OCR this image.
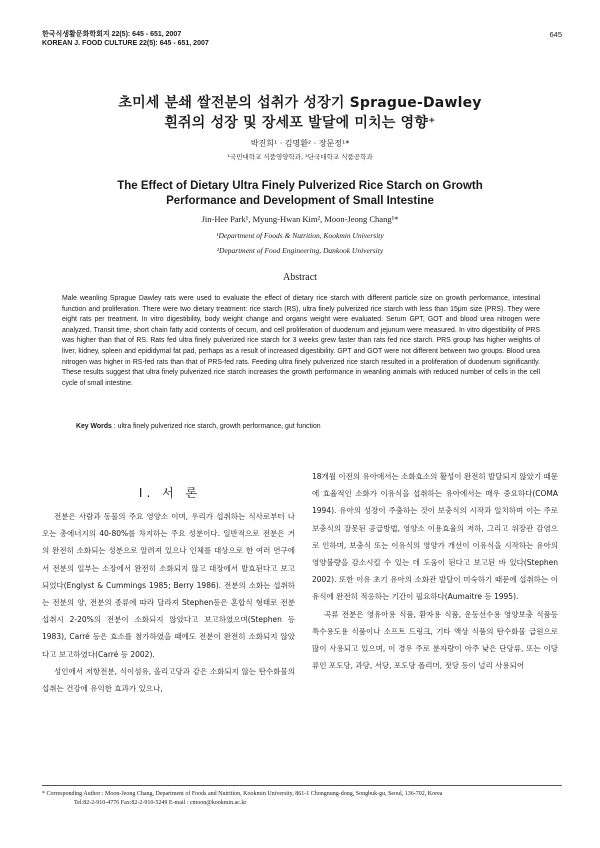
한국식생활문화학회지 22(5): 645 - 651, 2007
KOREAN J. FOOD CULTURE 22(5): 645 - 651, 2007
645
초미세 분쇄 쌀전분의 섭취가 성장기 Sprague-Dawley
흰쥐의 성장 및 장세포 발달에 미치는 영향⁺
박진희¹ · 김명환² · 장문정¹*
¹국민대학교 식품영양학과, ²단국대학교 식품공학과
The Effect of Dietary Ultra Finely Pulverized Rice Starch on Growth
Performance and Development of Small Intestine
Jin-Hee Park¹, Myung-Hwan Kim², Moon-Jeong Chang¹*
¹Department of Foods & Nutrition, Kookmin University
²Department of Food Engineering, Dankook University
Abstract
Male weanling Sprague Dawley rats were used to evaluate the effect of dietary rice starch with different particle size on growth performance, intestinal function and proliferation. There were two dietary treatment: rice starch (RS), ultra finely pulverized rice starch with less than 15μm size (PRS). They were eight rats per treatment. In vitro digestibility, body weight change and organs weight were evaluated. Serum GPT, GOT and blood urea nitrogen were analyzed. Transit time, short chain fatty acid contents of cecum, and cell proliferation of duodenum and jejunum were measured. In vitro digestibility of PRS was higher than that of RS. Rats fed ultra finely pulverized rice starch for 3 weeks grew faster than rats fed rice starch. PRS group has higher weights of liver, kidney, spleen and epididymal fat pad, perhaps as a result of increased digestibility. GPT and GOT were not different between two groups. Blood urea nitrogen was higher in RS-fed rats than that of PRS-fed rats. Feeding ultra finely pulverized rice starch resulted in a proliferation of duodenum significantly. These results suggest that ultra finely pulverized rice starch increases the growth performance in weanling animals with reduced number of cells in the cell cycle of small intestine.
Key Words : ultra finely pulverized rice starch, growth performance, gut function
Ⅰ. 서 론

전분은 사람과 동물의 주요 영양소 이며, 우리가 섭취하는 식사로부터 나오는 총에너지의 40-80%를 차지하는 주요 성분이다. 일반적으로 전분은 거의 완전히 소화되는 성분으로 알려져 있으나 인체를 대상으로 한 여러 연구에서 전분의 일부는 소장에서 완전히 소화되지 않고 대장에서 발효된다고 보고되었다(Englyst & Cummings 1985; Berry 1986). 전분의 소화는 섭취하는 전분의 양, 전분의 종류에 따라 달라져 Stephen등은 혼합식 형태로 전분 섭취시 2-20%의 전분이 소화되지 않았다고 보고하였으며(Stephen 등 1983), Carré 등은 효소를 첨가하였을 때에도 전분이 완전히 소화되지 않았다고 보고하였다(Carré 등 2002).

성인에서 저항전분, 식이섬유, 올리고당과 같은 소화되지 않는 탄수화물의 섭취는 건강에 유익한 효과가 있으나,

18개월 이전의 유아에서는 소화효소의 활성이 완전히 발달되지 않았기 때문에 효율적인 소화가 이유식을 섭취하는 유아에서는 매우 중요하다(COMA 1994). 유아의 성장이 주춤하는 것이 보충식의 시작과 일치하며 이는 주로 보충식의 잘못된 공급방법, 영양소 이용효율의 저하, 그리고 위장관 감염으로 인하며, 보충식 또는 이유식의 영양가 개선이 이유식을 시작하는 유아의 영양불량을 감소시킬 수 있는 데 도움이 된다고 보고된 바 있다(Stephen 2002). 또한 이유 초기 유아의 소화관 발달이 미숙하기 때문에 섭취하는 이유식에 완전히 적응하는 기간이 필요하다(Aumaitre 등 1995).

곡류 전분은 영유아용 식품, 환자용 식품, 운동선수용 영양보충 식품등 특수용도용 식품이나 소프트 드링크, 기타 액상 식품의 탄수화물 급원으로 많이 사용되고 있으며, 이 경우 주로 분자량이 아주 낮은 단당류, 또는 이당류인 포도당, 과당, 서당, 포도당 폴리머, 젓당 등이 널리 사용되어

* Corresponding Author : Moon-Jeong Chang, Department of Foods and Nutrition, Kookmin University, 861-1 Chongnung-dong, Songbuk-gu, Seoul, 136-702, Korea
Tel:82-2-910-4776 Fax:82-2-910-5249 E-mail : cmoon@kookmin.ac.kr
